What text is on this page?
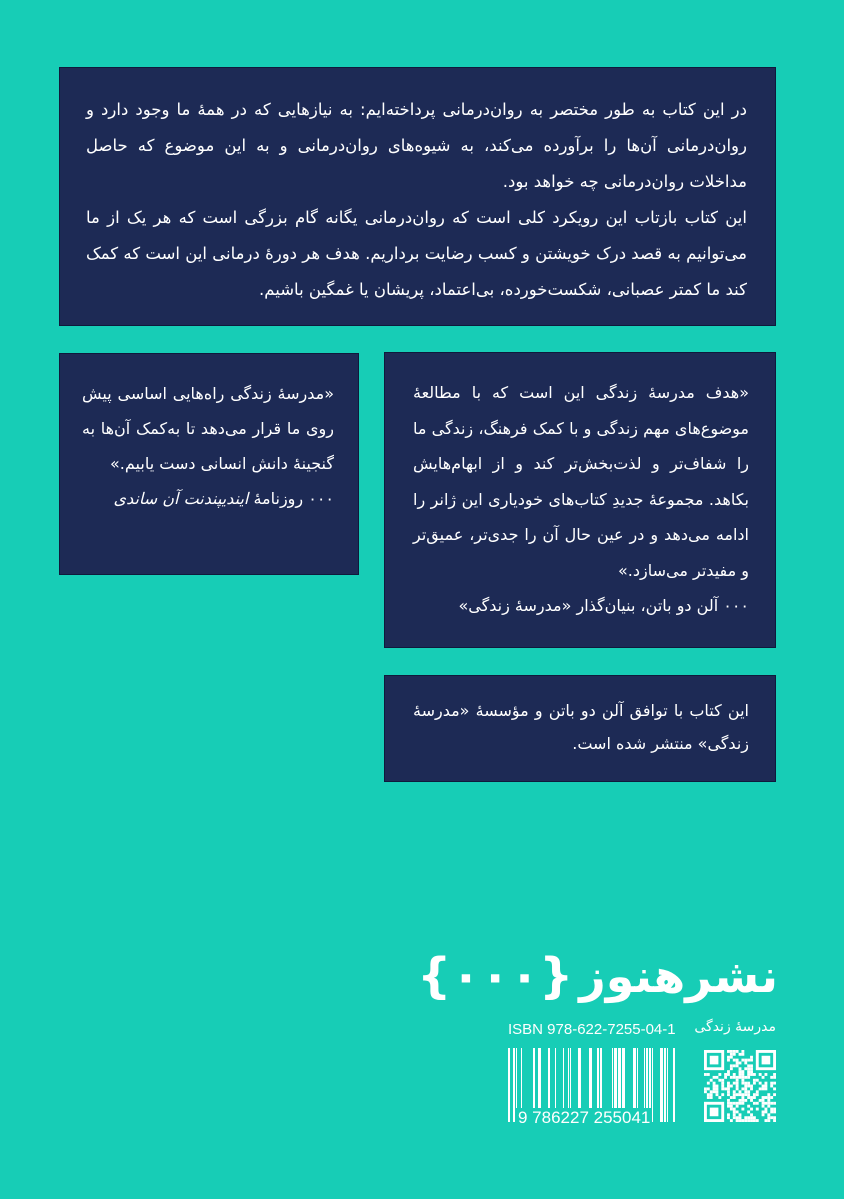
در این کتاب به طور مختصر به روان‌درمانی پرداخته‌ایم: به نیازهایی که در همهٔ ما وجود دارد و روان‌درمانی آن‌ها را برآورده می‌کند، به شیوه‌های روان‌درمانی و به این موضوع که حاصل مداخلات روان‌درمانی چه خواهد بود.

این کتاب بازتاب این رویکرد کلی است که روان‌درمانی یگانه گام بزرگی است که هر یک از ما می‌توانیم به قصد درک خویشتن و کسب رضایت برداریم. هدف هر دورهٔ درمانی این است که کمک کند ما کمتر عصبانی، شکست‌خورده، بی‌اعتماد، پریشان یا غمگین باشیم.

«مدرسهٔ زندگی راه‌هایی اساسی پیش روی ما قرار می‌دهد تا به‌کمک آن‌ها به گنجینهٔ دانش انسانی دست یابیم.»

۰۰۰ روزنامهٔ ایندیپندنت آن ساندی

«هدف مدرسهٔ زندگی این است که با مطالعهٔ موضوع‌های مهم زندگی و با کمک فرهنگ، زندگی ما را شفاف‌تر و لذت‌بخش‌تر کند و از ابهام‌هایش بکاهد. مجموعهٔ جدیدِ کتاب‌های خودیاری این ژانر را ادامه می‌دهد و در عین حال آن را جدی‌تر، عمیق‌تر و مفیدتر می‌سازد.»

۰۰۰ آلن دو باتن، بنیان‌گذار «مدرسهٔ زندگی»

این کتاب با توافق آلن دو باتن و مؤسسهٔ «مدرسهٔ زندگی» منتشر شده است.

{۰۰۰} نشرهنوز
ISBN 978-622-7255-04-1 مدرسهٔ زندگی
9 786227 255041
